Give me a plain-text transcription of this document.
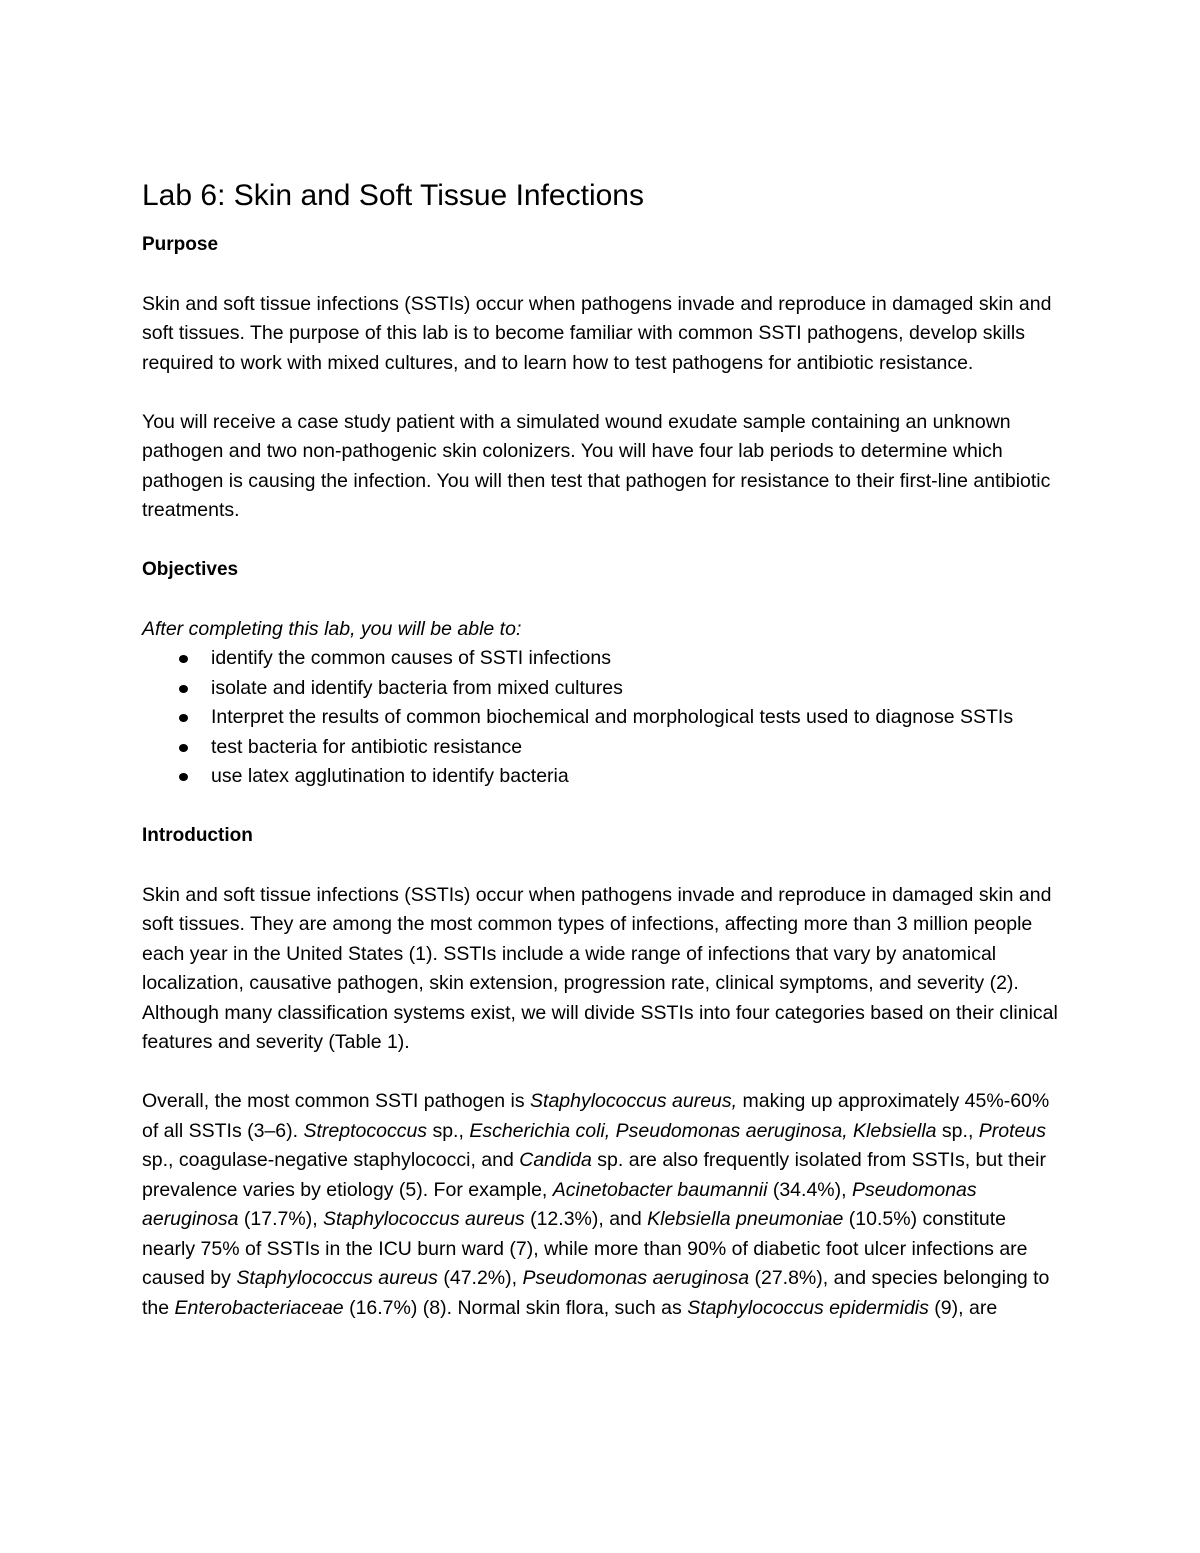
Lab 6: Skin and Soft Tissue Infections
Purpose

Skin and soft tissue infections (SSTIs) occur when pathogens invade and reproduce in damaged skin and soft tissues. The purpose of this lab is to become familiar with common SSTI pathogens, develop skills required to work with mixed cultures, and to learn how to test pathogens for antibiotic resistance.

You will receive a case study patient with a simulated wound exudate sample containing an unknown pathogen and two non-pathogenic skin colonizers. You will have four lab periods to determine which pathogen is causing the infection. You will then test that pathogen for resistance to their first-line antibiotic treatments.

Objectives

After completing this lab, you will be able to:

identify the common causes of SSTI infections
isolate and identify bacteria from mixed cultures
Interpret the results of common biochemical and morphological tests used to diagnose SSTIs
test bacteria for antibiotic resistance
use latex agglutination to identify bacteria
Introduction

Skin and soft tissue infections (SSTIs) occur when pathogens invade and reproduce in damaged skin and soft tissues. They are among the most common types of infections, affecting more than 3 million people each year in the United States (1). SSTIs include a wide range of infections that vary by anatomical localization, causative pathogen, skin extension, progression rate, clinical symptoms, and severity (2). Although many classification systems exist, we will divide SSTIs into four categories based on their clinical features and severity (Table 1).

Overall, the most common SSTI pathogen is Staphylococcus aureus, making up approximately 45%-60% of all SSTIs (3–6). Streptococcus sp., Escherichia coli, Pseudomonas aeruginosa, Klebsiella sp., Proteus sp., coagulase-negative staphylococci, and Candida sp. are also frequently isolated from SSTIs, but their prevalence varies by etiology (5). For example, Acinetobacter baumannii (34.4%), Pseudomonas aeruginosa (17.7%), Staphylococcus aureus (12.3%), and Klebsiella pneumoniae (10.5%) constitute nearly 75% of SSTIs in the ICU burn ward (7), while more than 90% of diabetic foot ulcer infections are caused by Staphylococcus aureus (47.2%), Pseudomonas aeruginosa (27.8%), and species belonging to the Enterobacteriaceae (16.7%) (8). Normal skin flora, such as Staphylococcus epidermidis (9), are
